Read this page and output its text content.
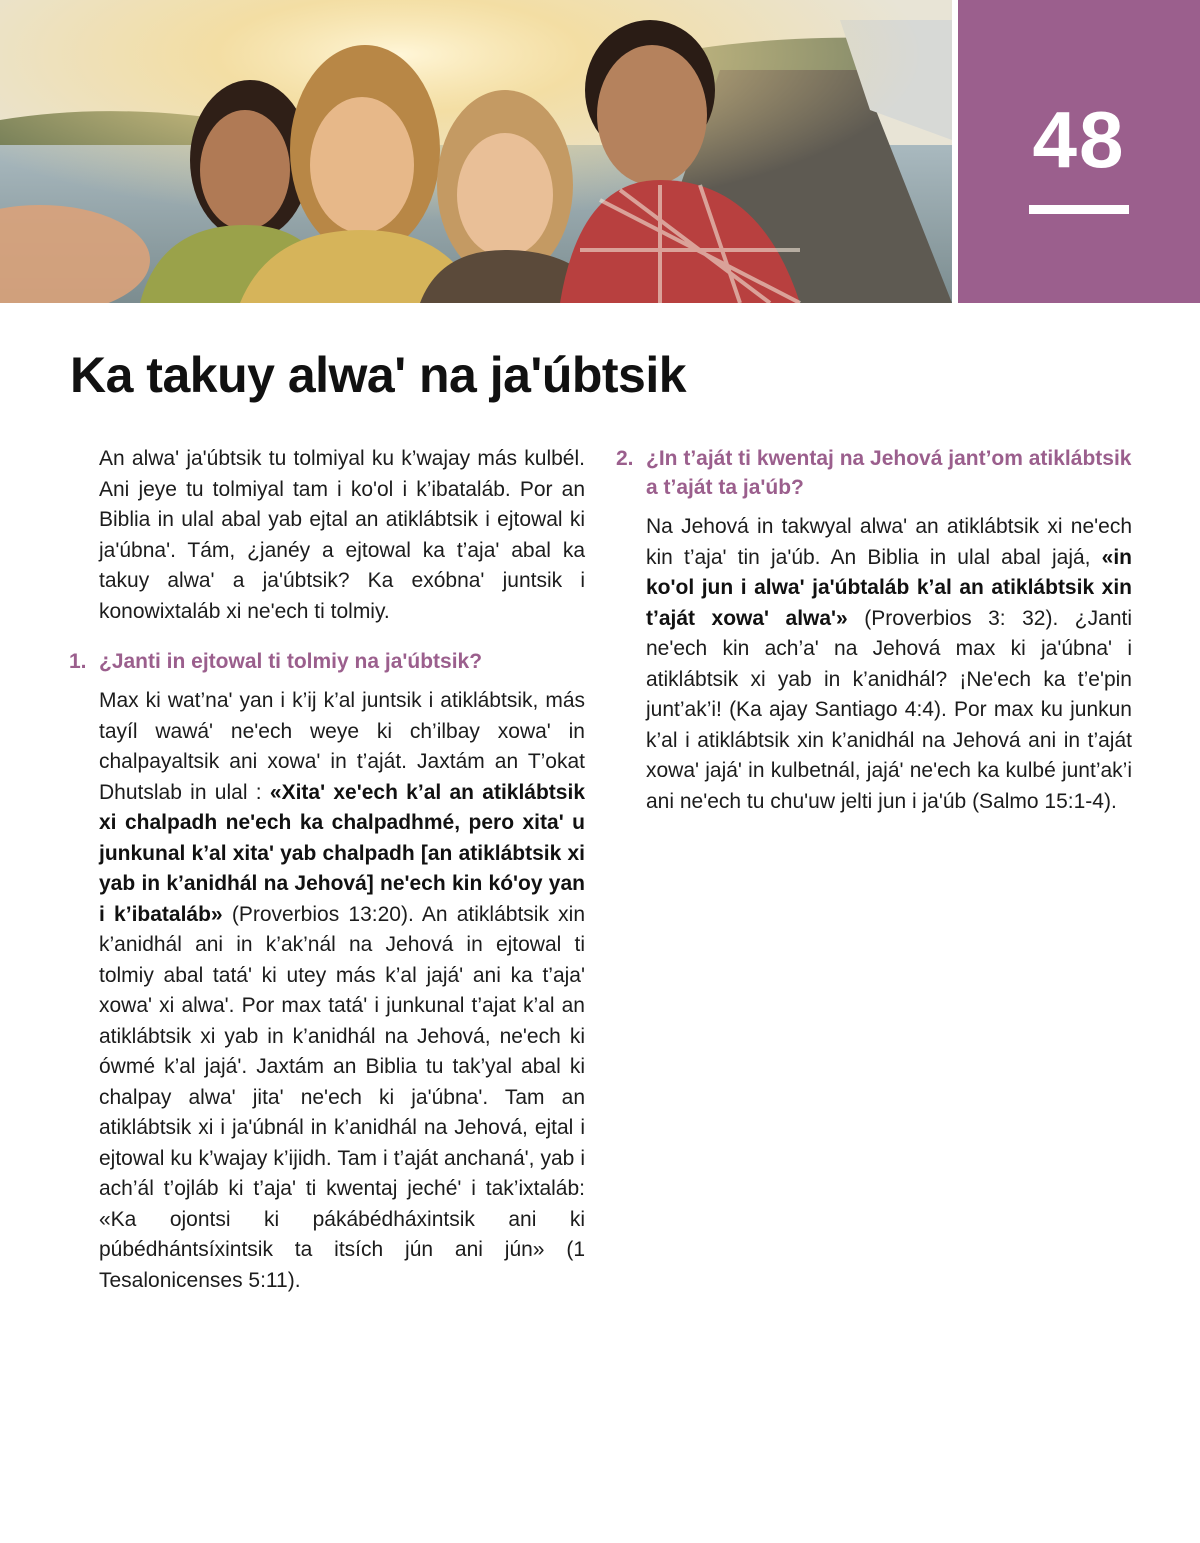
48
Ka takuy alwa' na ja'úbtsik

An alwa' ja'úbtsik tu tolmiyal ku k’wajay más kulbél. Ani jeye tu tolmiyal tam i ko'ol i k’ibataláb. Por an Biblia in ulal abal yab ejtal an atiklábtsik i ejtowal ki ja'úbna'. Tám, ¿janéy a ejtowal ka t’aja' abal ka takuy alwa' a ja'úbtsik? Ka exóbna' juntsik i konowixtaláb xi ne'ech ti tolmiy.

1. ¿Janti in ejtowal ti tolmiy na ja'úbtsik?

Max ki wat’na' yan i k’ij k’al juntsik i atiklábtsik, más tayíl wawá' ne'ech weye ki ch’ilbay xowa' in chalpayaltsik ani xowa' in t’aját. Jaxtám an T’okat Dhutslab in ulal : «Xita' xe'ech k’al an atiklábtsik xi chalpadh ne'ech ka chalpadhmé, pero xita' u junkunal k’al xita' yab chalpadh [an atiklábtsik xi yab in k’anidhál na Jehová] ne'ech kin kó'oy yan i k’ibataláb» (Proverbios 13:20). An atiklábtsik xin k’anidhál ani in k’ak’nál na Jehová in ejtowal ti tolmiy abal tatá' ki utey más k’al jajá' ani ka t’aja' xowa' xi alwa'. Por max tatá' i junkunal t’ajat k’al an atiklábtsik xi yab in k’anidhál na Jehová, ne'ech ki ówmé k’al jajá'. Jaxtám an Biblia tu tak’yal abal ki chalpay alwa' jita' ne'ech ki ja'úbna'. Tam an atiklábtsik xi i ja'úbnál in k’anidhál na Jehová, ejtal i ejtowal ku k’wajay k’ijidh. Tam i t’aját anchaná', yab i ach’ál t’ojláb ki t’aja' ti kwentaj jeché' i tak’ixtaláb: «Ka ojontsi ki pákábédháxintsik ani ki púbédhántsíxintsik ta itsích jún ani jún» (1 Tesalonicenses 5:11).

2. ¿In t’aját ti kwentaj na Jehová jant’om atiklábtsik a t’aját ta ja'úb?

Na Jehová in takwyal alwa' an atiklábtsik xi ne'ech kin t’aja' tin ja'úb. An Biblia in ulal abal jajá, «in ko'ol jun i alwa' ja'úbtaláb k’al an atiklábtsik xin t’aját xowa' alwa'» (Proverbios 3: 32). ¿Janti ne'ech kin ach’a' na Jehová max ki ja'úbna' i atiklábtsik xi yab in k’anidhál? ¡Ne'ech ka t’e'pin junt’ak’i! (Ka ajay Santiago 4:4). Por max ku junkun k’al i atiklábtsik xin k’anidhál na Jehová ani in t’aját xowa' jajá' in kulbetnál, jajá' ne'ech ka kulbé junt’ak’i ani ne'ech tu chu'uw jelti jun i ja'úb (Salmo 15:1-4).
